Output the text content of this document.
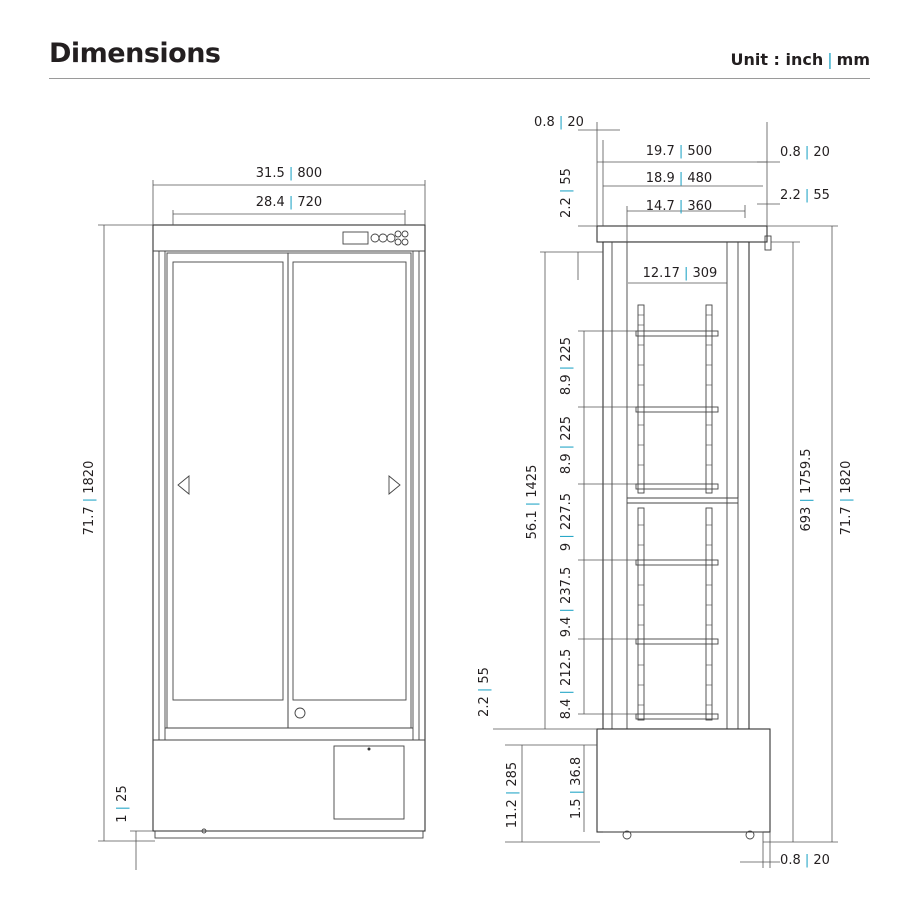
Dimensions	Unit : inch | mm
31.5 | 800
28.4 | 720
71.7 | 1820
1 | 25
0.8 | 20
19.7 | 500	0.8 | 20
18.9 | 480
14.7 | 360
2.2 | 55
2.2 | 55
12.17 | 309
8.9 | 225
8.9 | 225
9 | 227.5
9.4 | 237.5
8.4 | 212.5
56.1 | 1425
2.2 | 55
11.2 | 285
1.5 | 36.8
693 | 1759.5
71.7 | 1820
0.8 | 20
